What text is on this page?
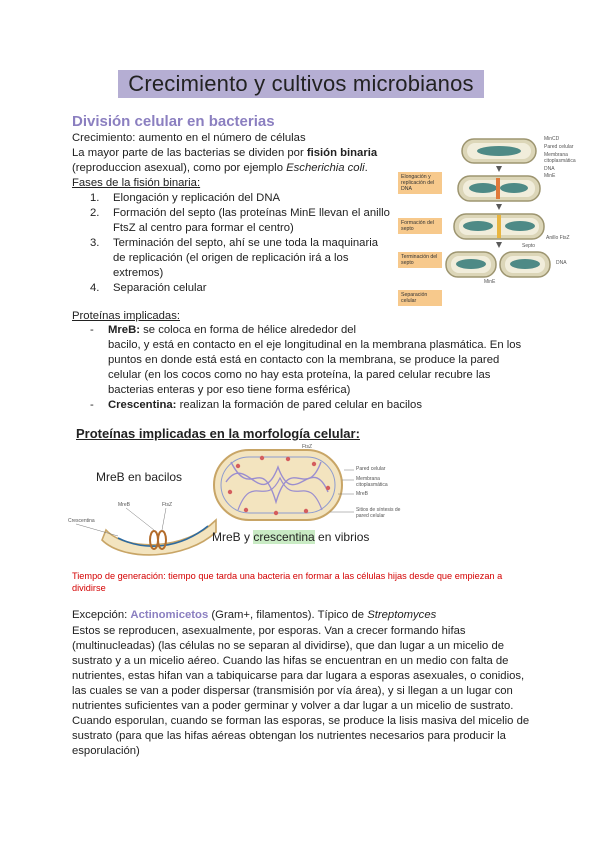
Crecimiento y cultivos microbianos
División celular en bacterias
Crecimiento: aumento en el número de células
La mayor parte de las bacterias se dividen por fisión binaria
(reproduccion asexual), como por ejemplo Escherichia coli.
Fases de la fisión binaria:
1.	Elongación y replicación del DNA
2.	Formación del septo (las proteínas MinE llevan el anillo
FtsZ al centro para formar el centro)
3.	Terminación del septo, ahí se une toda la maquinaria
de replicación (el origen de replicación irá a los
extremos)
4.	Separación celular
Elongación y replicación del DNA
Formación del septo
Terminación del septo
Separación celular
MinCD
Pared celular
Membrana citoplasmática
DNA
MinE
Anillo FtsZ
Septo
MinE
DNA
Proteínas implicadas:
- MreB: se coloca en forma de hélice alrededor del
bacilo, y está en contacto en el eje longitudinal en la membrana plasmática. En los
puntos en donde está está en contacto con la membrana, se produce la pared
celular (en los cocos como no hay esta proteína, la pared celular recubre las
bacterias enteras y por eso tiene forma esférica)
- Crescentina: realizan la formación de pared celular en bacilos
Proteínas implicadas en la morfología celular:
MreB en bacilos
MreB y crescentina en vibrios
FtsZ
Pared celular
Membrana citoplasmática
MreB
Sitios de síntesis de pared celular
MreB	FtsZ
Crescentina
Tiempo de generación: tiempo que tarda una bacteria en formar a las células hijas desde que empiezan a
dividirse
Excepción: Actinomicetos (Gram+, filamentos). Típico de Streptomyces
Estos se reproducen, asexualmente, por esporas. Van a crecer formando hifas
(multinucleadas) (las células no se separan al dividirse), que dan lugar a un micelio de
sustrato y a un micelio aéreo. Cuando las hifas se encuentran en un medio con falta de
nutrientes, estas hifan van a tabiquicarse para dar lugara a esporas asexuales, o conidios,
las cuales se van a poder dispersar (transmisión por vía área), y si llegan a un lugar con
nutrientes suficientes van a poder germinar y volver a dar lugar a un micelio de sustrato.
Cuando esporulan, cuando se forman las esporas, se produce la lisis masiva del micelio de
sustrato (para que las hifas aéreas obtengan los nutrientes necesarios para producir la
esporulación)
